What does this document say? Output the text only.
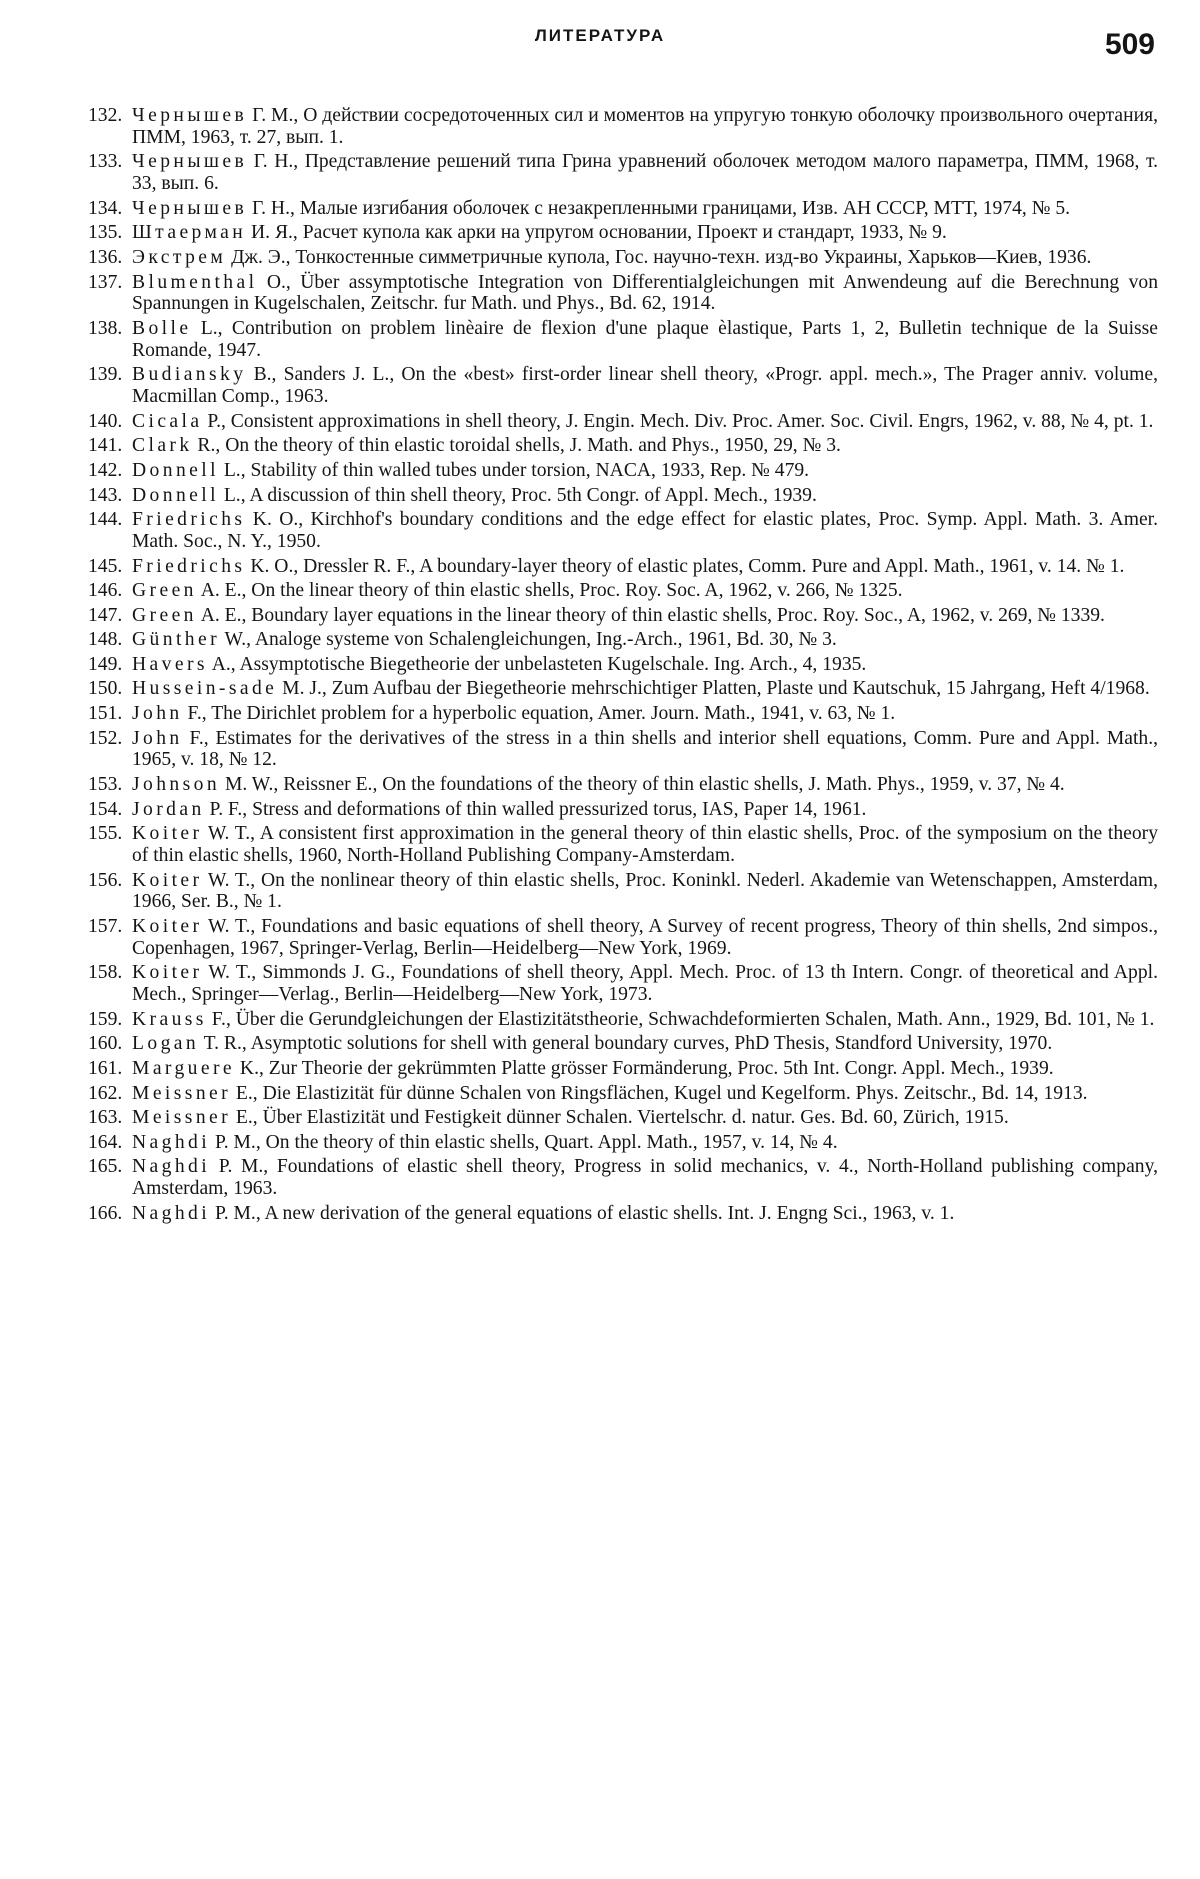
ЛИТЕРАТУРА	509
132. Чернышев Г. М., О действии сосредоточенных сил и моментов на упругую тонкую оболочку произвольного очертания, ПММ, 1963, т. 27, вып. 1.
133. Чернышев Г. Н., Представление решений типа Грина уравнений оболочек методом малого параметра, ПММ, 1968, т. 33, вып. 6.
134. Чернышев Г. Н., Малые изгибания оболочек с незакрепленными границами, Изв. АН СССР, МТТ, 1974, № 5.
135. Штаерман И. Я., Расчет купола как арки на упругом основании, Проект и стандарт, 1933, № 9.
136. Экстрем Дж. Э., Тонкостенные симметричные купола, Гос. научно-техн. изд-во Украины, Харьков—Киев, 1936.
137. Blumenthal O., Über assymptotische Integration von Differentialgleichungen mit Anwendeung auf die Berechnung von Spannungen in Kugelschalen, Zeitschr. fur Math. und Phys., Bd. 62, 1914.
138. Bolle L., Contribution on problem linèaire de flexion d'une plaque èlastique, Parts 1, 2, Bulletin technique de la Suisse Romande, 1947.
139. Budiansky B., Sanders J. L., On the «best» first-order linear shell theory, «Progr. appl. mech.», The Prager anniv. volume, Macmillan Comp., 1963.
140. Cicala P., Consistent approximations in shell theory, J. Engin. Mech. Div. Proc. Amer. Soc. Civil. Engrs, 1962, v. 88, № 4, pt. 1.
141. Clark R., On the theory of thin elastic toroidal shells, J. Math. and Phys., 1950, 29, № 3.
142. Donnell L., Stability of thin walled tubes under torsion, NACA, 1933, Rep. № 479.
143. Donnell L., A discussion of thin shell theory, Proc. 5th Congr. of Appl. Mech., 1939.
144. Friedrichs K. O., Kirchhof's boundary conditions and the edge effect for elastic plates, Proc. Symp. Appl. Math. 3. Amer. Math. Soc., N. Y., 1950.
145. Friedrichs K. O., Dressler R. F., A boundary-layer theory of elastic plates, Comm. Pure and Appl. Math., 1961, v. 14. № 1.
146. Green A. E., On the linear theory of thin elastic shells, Proc. Roy. Soc. A, 1962, v. 266, № 1325.
147. Green A. E., Boundary layer equations in the linear theory of thin elastic shells, Proc. Roy. Soc., A, 1962, v. 269, № 1339.
148. Günther W., Analoge systeme von Schalengleichungen, Ing.-Arch., 1961, Bd. 30, № 3.
149. Havers A., Assymptotische Biegetheorie der unbelasteten Kugelschale. Ing. Arch., 4, 1935.
150. Hussein-sade M. J., Zum Aufbau der Biegetheorie mehrschichtiger Platten, Plaste und Kautschuk, 15 Jahrgang, Heft 4/1968.
151. John F., The Dirichlet problem for a hyperbolic equation, Amer. Journ. Math., 1941, v. 63, № 1.
152. John F., Estimates for the derivatives of the stress in a thin shells and interior shell equations, Comm. Pure and Appl. Math., 1965, v. 18, № 12.
153. Johnson M. W., Reissner E., On the foundations of the theory of thin elastic shells, J. Math. Phys., 1959, v. 37, № 4.
154. Jordan P. F., Stress and deformations of thin walled pressurized torus, IAS, Paper 14, 1961.
155. Koiter W. T., A consistent first approximation in the general theory of thin elastic shells, Proc. of the symposium on the theory of thin elastic shells, 1960, North-Holland Publishing Company-Amsterdam.
156. Koiter W. T., On the nonlinear theory of thin elastic shells, Proc. Koninkl. Nederl. Akademie van Wetenschappen, Amsterdam, 1966, Ser. B., № 1.
157. Koiter W. T., Foundations and basic equations of shell theory, A Survey of recent progress, Theory of thin shells, 2nd simpos., Copenhagen, 1967, Springer-Verlag, Berlin—Heidelberg—New York, 1969.
158. Koiter W. T., Simmonds J. G., Foundations of shell theory, Appl. Mech. Proc. of 13 th Intern. Congr. of theoretical and Appl. Mech., Springer—Verlag., Berlin—Heidelberg—New York, 1973.
159. Krauss F., Über die Gerundgleichungen der Elastizitätstheorie, Schwachdeformierten Schalen, Math. Ann., 1929, Bd. 101, № 1.
160. Logan T. R., Asymptotic solutions for shell with general boundary curves, PhD Thesis, Standford University, 1970.
161. Marguere K., Zur Theorie der gekrümmten Platte grösser Formänderung, Proc. 5th Int. Congr. Appl. Mech., 1939.
162. Meissner E., Die Elastizität für dünne Schalen von Ringsflächen, Kugel und Kegelform. Phys. Zeitschr., Bd. 14, 1913.
163. Meissner E., Über Elastizität und Festigkeit dünner Schalen. Viertelschr. d. natur. Ges. Bd. 60, Zürich, 1915.
164. Naghdi P. M., On the theory of thin elastic shells, Quart. Appl. Math., 1957, v. 14, № 4.
165. Naghdi P. M., Foundations of elastic shell theory, Progress in solid mechanics, v. 4., North-Holland publishing company, Amsterdam, 1963.
166. Naghdi P. M., A new derivation of the general equations of elastic shells. Int. J. Engng Sci., 1963, v. 1.
